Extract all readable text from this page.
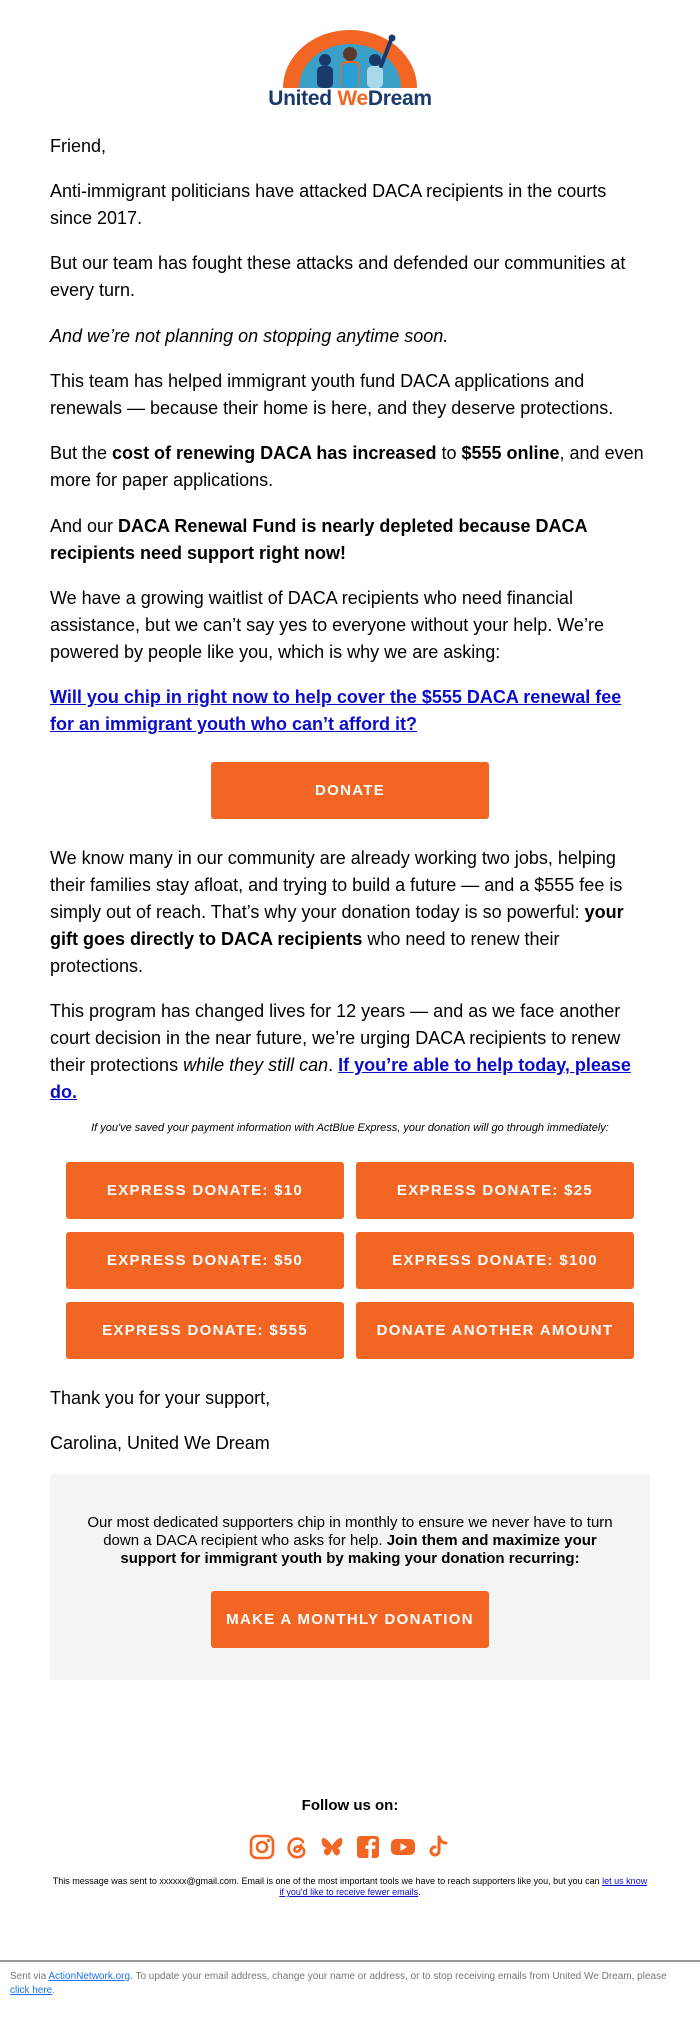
United WeDream

Friend,

Anti-immigrant politicians have attacked DACA recipients in the courts since 2017.

But our team has fought these attacks and defended our communities at every turn.

And we’re not planning on stopping anytime soon.

This team has helped immigrant youth fund DACA applications and renewals — because their home is here, and they deserve protections.

But the cost of renewing DACA has increased to $555 online, and even more for paper applications.

And our DACA Renewal Fund is nearly depleted because DACA recipients need support right now!

We have a growing waitlist of DACA recipients who need financial assistance, but we can’t say yes to everyone without your help. We’re powered by people like you, which is why we are asking:

Will you chip in right now to help cover the $555 DACA renewal fee for an immigrant youth who can’t afford it?

DONATE

We know many in our community are already working two jobs, helping their families stay afloat, and trying to build a future — and a $555 fee is simply out of reach. That’s why your donation today is so powerful: your gift goes directly to DACA recipients who need to renew their protections.

This program has changed lives for 12 years — and as we face another court decision in the near future, we’re urging DACA recipients to renew their protections while they still can. If you’re able to help today, please do.

If you've saved your payment information with ActBlue Express, your donation will go through immediately:
EXPRESS DONATE: $10	EXPRESS DONATE: $25
EXPRESS DONATE: $50	EXPRESS DONATE: $100
EXPRESS DONATE: $555	DONATE ANOTHER AMOUNT

Thank you for your support,

Carolina, United We Dream

Our most dedicated supporters chip in monthly to ensure we never have to turn down a DACA recipient who asks for help. Join them and maximize your support for immigrant youth by making your donation recurring:

MAKE A MONTHLY DONATION
Follow us on:
This message was sent to xxxxxx@gmail.com. Email is one of the most important tools we have to reach supporters like you, but you can let us know if you'd like to receive fewer emails.
Sent via ActionNetwork.org. To update your email address, change your name or address, or to stop receiving emails from United We Dream, please click here.
